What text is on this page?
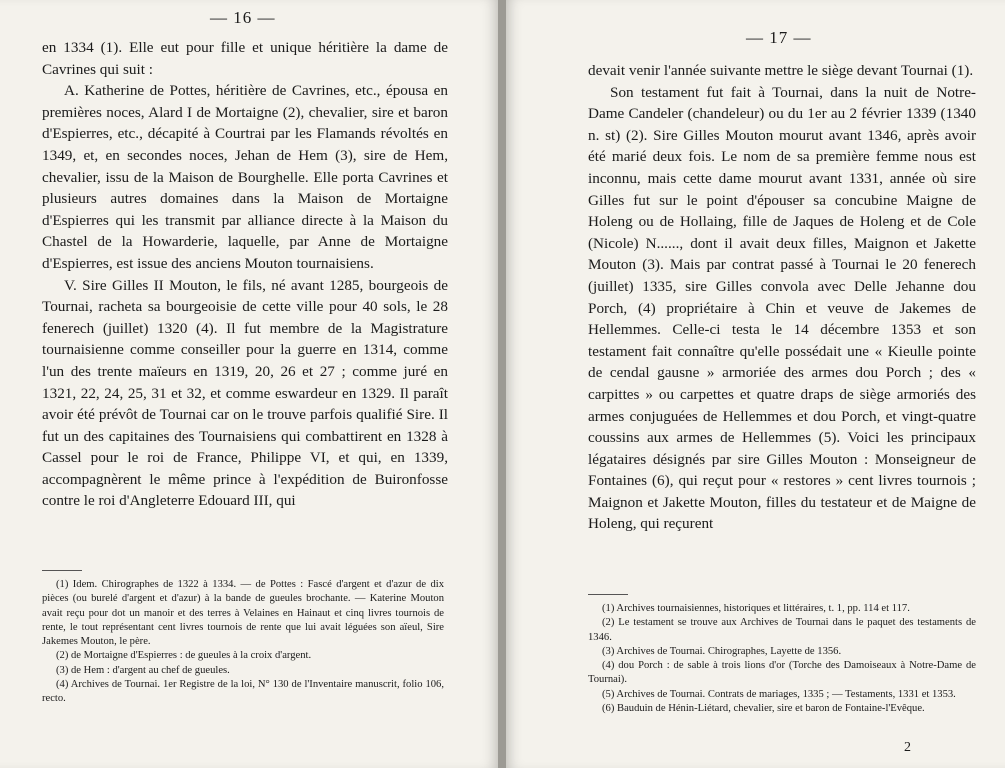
— 16 —

en 1334 (1). Elle eut pour fille et unique héritière la dame de Cavrines qui suit :

A. Katherine de Pottes, héritière de Cavrines, etc., épousa en premières noces, Alard I de Mortaigne (2), chevalier, sire et baron d'Espierres, etc., décapité à Courtrai par les Flamands révoltés en 1349, et, en secondes noces, Jehan de Hem (3), sire de Hem, chevalier, issu de la Maison de Bourghelle. Elle porta Cavrines et plusieurs autres domaines dans la Maison de Mortaigne d'Espierres qui les transmit par alliance directe à la Maison du Chastel de la Howarderie, laquelle, par Anne de Mortaigne d'Espierres, est issue des anciens Mouton tournaisiens.

V. Sire Gilles II Mouton, le fils, né avant 1285, bourgeois de Tournai, racheta sa bourgeoisie de cette ville pour 40 sols, le 28 fenerech (juillet) 1320 (4). Il fut membre de la Magistrature tournaisienne comme conseiller pour la guerre en 1314, comme l'un des trente maïeurs en 1319, 20, 26 et 27 ; comme juré en 1321, 22, 24, 25, 31 et 32, et comme eswardeur en 1329. Il paraît avoir été prévôt de Tournai car on le trouve parfois qualifié Sire. Il fut un des capitaines des Tournaisiens qui combattirent en 1328 à Cassel pour le roi de France, Philippe VI, et qui, en 1339, accompagnèrent le même prince à l'expédition de Buironfosse contre le roi d'Angleterre Edouard III, qui

(1) Idem. Chirographes de 1322 à 1334. — de Pottes : Fascé d'argent et d'azur de dix pièces (ou burelé d'argent et d'azur) à la bande de gueules brochante. — Katerine Mouton avait reçu pour dot un manoir et des terres à Velaines en Hainaut et cinq livres tournois de rente, le tout représentant cent livres tournois de rente que lui avait léguées son aïeul, Sire Jakemes Mouton, le père.

(2) de Mortaigne d'Espierres : de gueules à la croix d'argent.

(3) de Hem : d'argent au chef de gueules.

(4) Archives de Tournai. 1er Registre de la loi, N° 130 de l'Inventaire manuscrit, folio 106, recto.

— 17 —

devait venir l'année suivante mettre le siège devant Tournai (1).

Son testament fut fait à Tournai, dans la nuit de Notre-Dame Candeler (chandeleur) ou du 1er au 2 février 1339 (1340 n. st) (2). Sire Gilles Mouton mourut avant 1346, après avoir été marié deux fois. Le nom de sa première femme nous est inconnu, mais cette dame mourut avant 1331, année où sire Gilles fut sur le point d'épouser sa concubine Maigne de Holeng ou de Hollaing, fille de Jaques de Holeng et de Cole (Nicole) N......, dont il avait deux filles, Maignon et Jakette Mouton (3). Mais par contrat passé à Tournai le 20 fenerech (juillet) 1335, sire Gilles convola avec Delle Jehanne dou Porch, (4) propriétaire à Chin et veuve de Jakemes de Hellemmes. Celle-ci testa le 14 décembre 1353 et son testament fait connaître qu'elle possédait une « Kieulle pointe de cendal gausne » armoriée des armes dou Porch ; des « carpittes » ou carpettes et quatre draps de siège armoriés des armes conjuguées de Hellemmes et dou Porch, et vingt-quatre coussins aux armes de Hellemmes (5). Voici les principaux légataires désignés par sire Gilles Mouton : Monseigneur de Fontaines (6), qui reçut pour « restores » cent livres tournois ; Maignon et Jakette Mouton, filles du testateur et de Maigne de Holeng, qui reçurent

(1) Archives tournaisiennes, historiques et littéraires, t. 1, pp. 114 et 117.

(2) Le testament se trouve aux Archives de Tournai dans le paquet des testaments de 1346.

(3) Archives de Tournai. Chirographes, Layette de 1356.

(4) dou Porch : de sable à trois lions d'or (Torche des Damoiseaux à Notre-Dame de Tournai).

(5) Archives de Tournai. Contrats de mariages, 1335 ; — Testaments, 1331 et 1353.

(6) Bauduin de Hénin-Liétard, chevalier, sire et baron de Fontaine-l'Evêque.

2
